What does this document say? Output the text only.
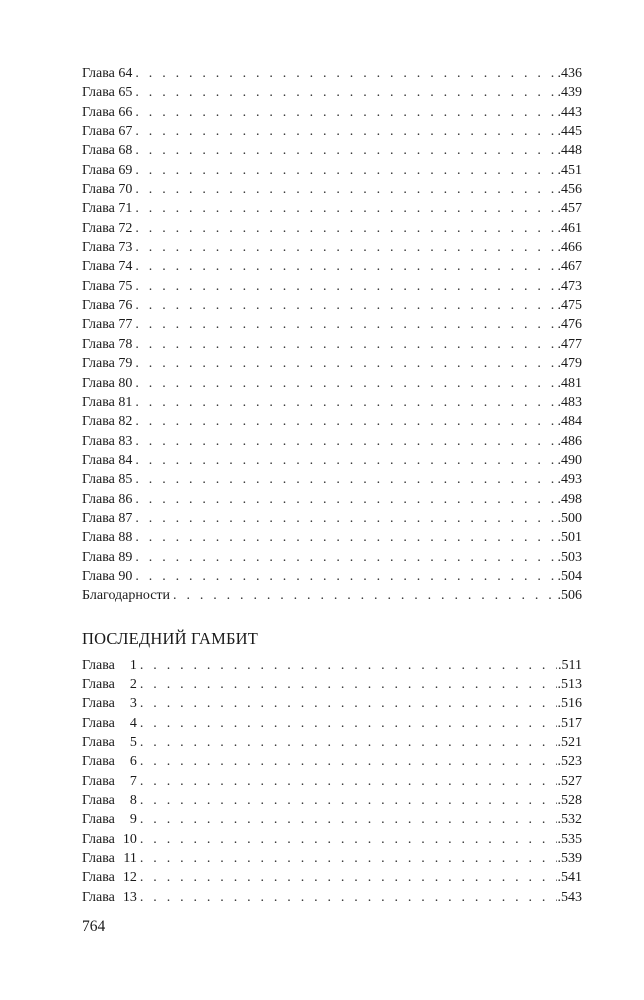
Глава 64 . . .	.436
Глава 65 . . .	.439
Глава 66 . . .	.443
Глава 67 . . .	.445
Глава 68 . . .	.448
Глава 69 . . .	.451
Глава 70 . . .	.456
Глава 71 . . .	.457
Глава 72 . . .	.461
Глава 73 . . .	.466
Глава 74 . . .	.467
Глава 75 . . .	.473
Глава 76 . . .	.475
Глава 77 . . .	.476
Глава 78 . . .	.477
Глава 79 . . .	.479
Глава 80 . . .	.481
Глава 81 . . .	.483
Глава 82 . . .	.484
Глава 83 . . .	.486
Глава 84 . . .	.490
Глава 85 . . .	.493
Глава 86 . . .	.498
Глава 87 . . .	.500
Глава 88 . . .	.501
Глава 89 . . .	.503
Глава 90 . . .	.504
Благодарности . . .	.506
ПОСЛЕДНИЙ ГАМБИТ
Глава 1 . . .	.511
Глава 2 . . .	.513
Глава 3 . . .	.516
Глава 4 . . .	.517
Глава 5 . . .	.521
Глава 6 . . .	.523
Глава 7 . . .	.527
Глава 8 . . .	.528
Глава 9 . . .	.532
Глава 10 . . .	.535
Глава 11 . . .	.539
Глава 12 . . .	.541
Глава 13 . . .	.543
764
